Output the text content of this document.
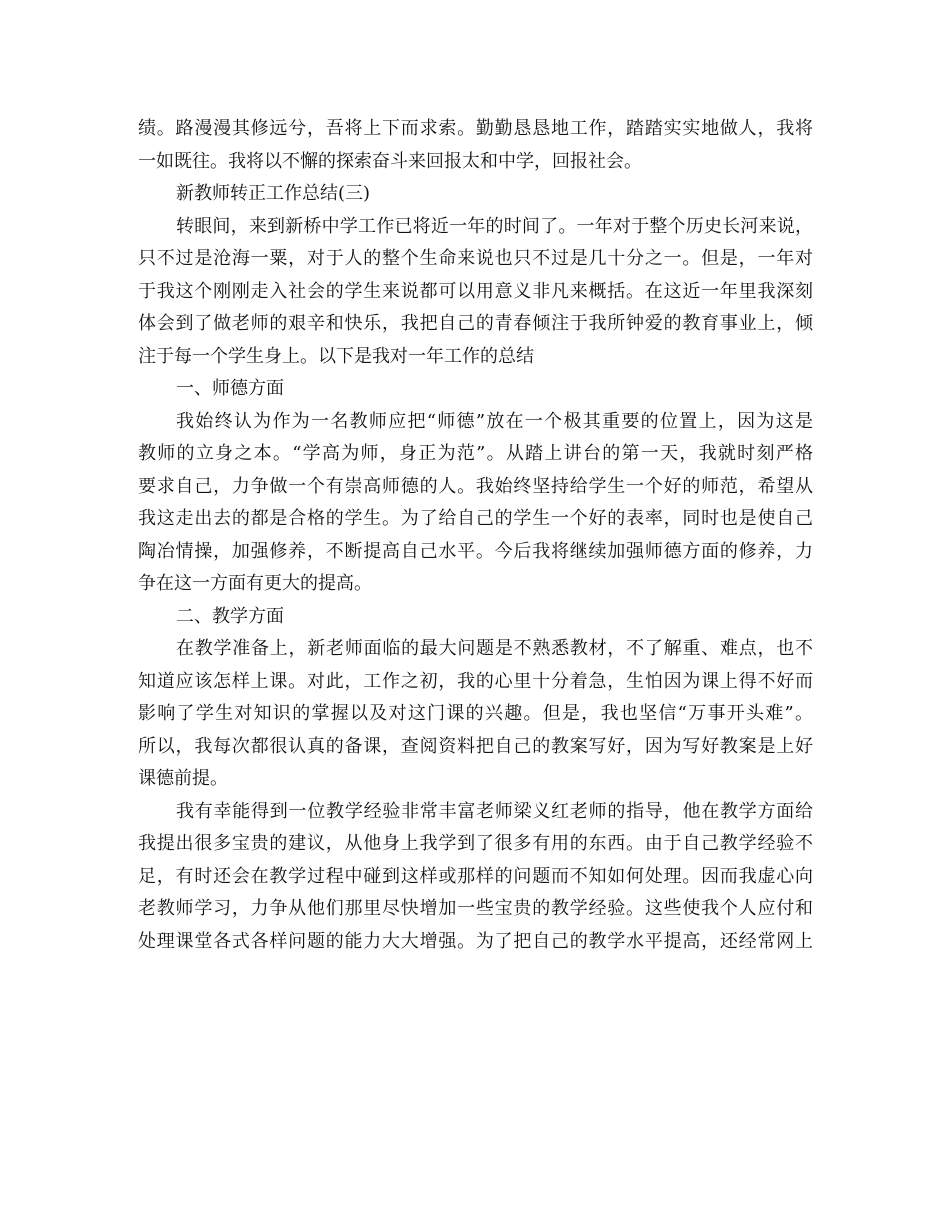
绩。路漫漫其修远兮，吾将上下而求索。勤勤恳恳地工作，踏踏实实地做人，我将
一如既往。我将以不懈的探索奋斗来回报太和中学，回报社会。
新教师转正工作总结(三)
转眼间，来到新桥中学工作已将近一年的时间了。一年对于整个历史长河来说，
只不过是沧海一粟，对于人的整个生命来说也只不过是几十分之一。但是，一年对
于我这个刚刚走入社会的学生来说都可以用意义非凡来概括。在这近一年里我深刻
体会到了做老师的艰辛和快乐，我把自己的青春倾注于我所钟爱的教育事业上，倾
注于每一个学生身上。以下是我对一年工作的总结
一、师德方面
我始终认为作为一名教师应把“师德”放在一个极其重要的位置上，因为这是
教师的立身之本。“学高为师，身正为范”。从踏上讲台的第一天，我就时刻严格
要求自己，力争做一个有崇高师德的人。我始终坚持给学生一个好的师范，希望从
我这走出去的都是合格的学生。为了给自己的学生一个好的表率，同时也是使自己
陶冶情操，加强修养，不断提高自己水平。今后我将继续加强师德方面的修养，力
争在这一方面有更大的提高。
二、教学方面
在教学准备上，新老师面临的最大问题是不熟悉教材，不了解重、难点，也不
知道应该怎样上课。对此，工作之初，我的心里十分着急，生怕因为课上得不好而
影响了学生对知识的掌握以及对这门课的兴趣。但是，我也坚信“万事开头难”。
所以，我每次都很认真的备课，查阅资料把自己的教案写好，因为写好教案是上好
课德前提。
我有幸能得到一位教学经验非常丰富老师梁义红老师的指导，他在教学方面给
我提出很多宝贵的建议，从他身上我学到了很多有用的东西。由于自己教学经验不
足，有时还会在教学过程中碰到这样或那样的问题而不知如何处理。因而我虚心向
老教师学习，力争从他们那里尽快增加一些宝贵的教学经验。这些使我个人应付和
处理课堂各式各样问题的能力大大增强。为了把自己的教学水平提高，还经常网上
